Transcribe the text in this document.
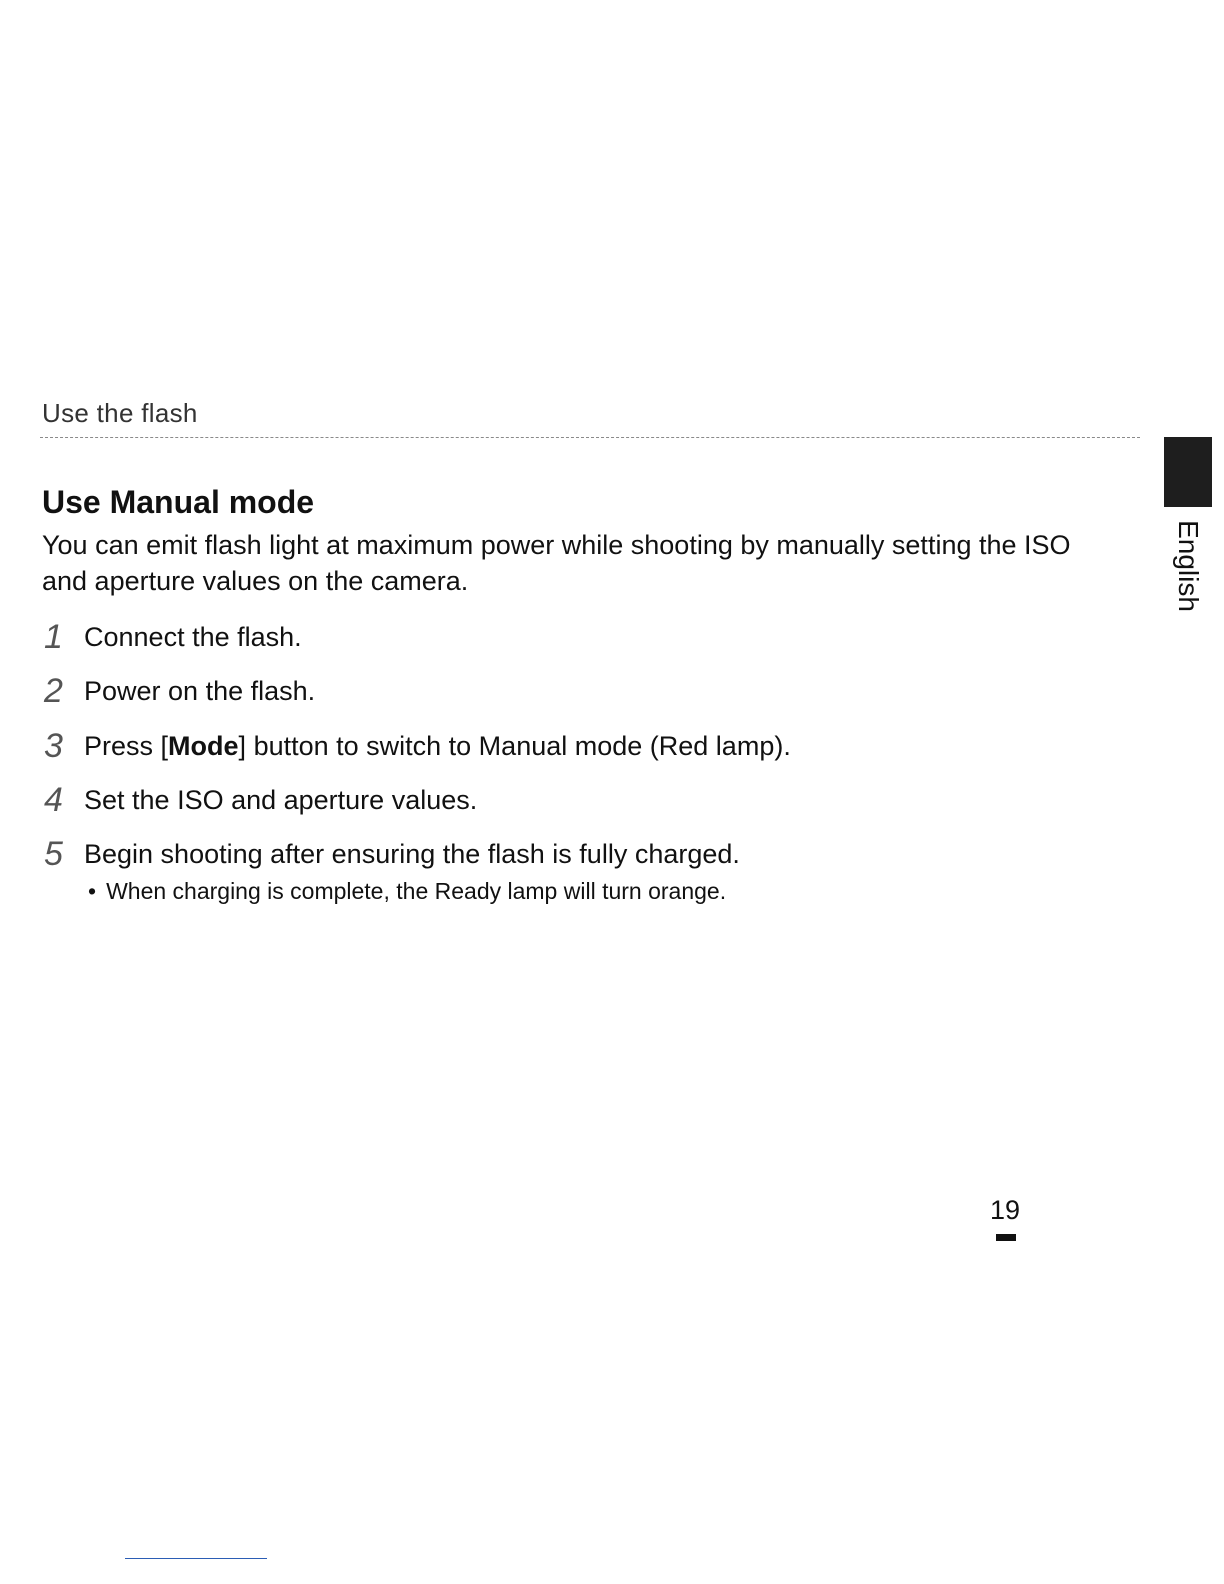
Use the flash
English
Use Manual mode
You can emit flash light at maximum power while shooting by manually setting the ISO
and aperture values on the camera.
1 Connect the flash.
2 Power on the flash.
3 Press [Mode] button to switch to Manual mode (Red lamp).
4 Set the ISO and aperture values.
5 Begin shooting after ensuring the flash is fully charged.
• When charging is complete, the Ready lamp will turn orange.
19
